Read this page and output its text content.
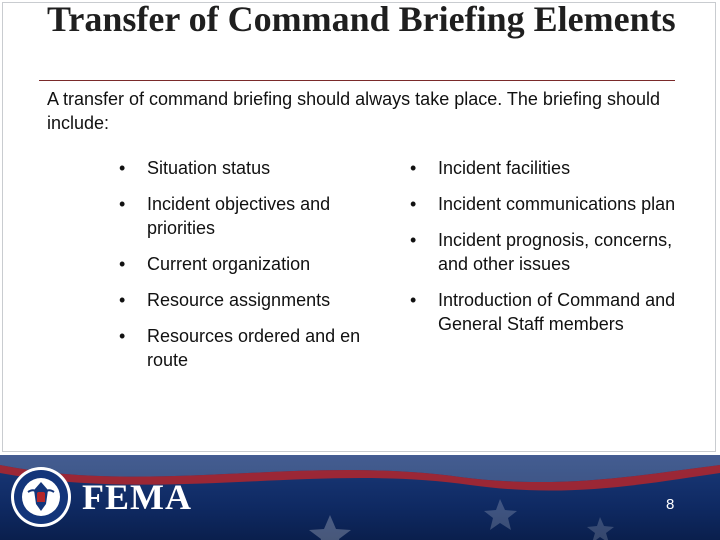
Transfer of Command Briefing Elements

A transfer of command briefing should always take place. The briefing should include:

• Situation status
• Incident objectives and priorities
• Current organization
• Resource assignments
• Resources ordered and en route
• Incident facilities
• Incident communications plan
• Incident prognosis, concerns, and other issues
• Introduction of Command and General Staff members
FEMA	8
